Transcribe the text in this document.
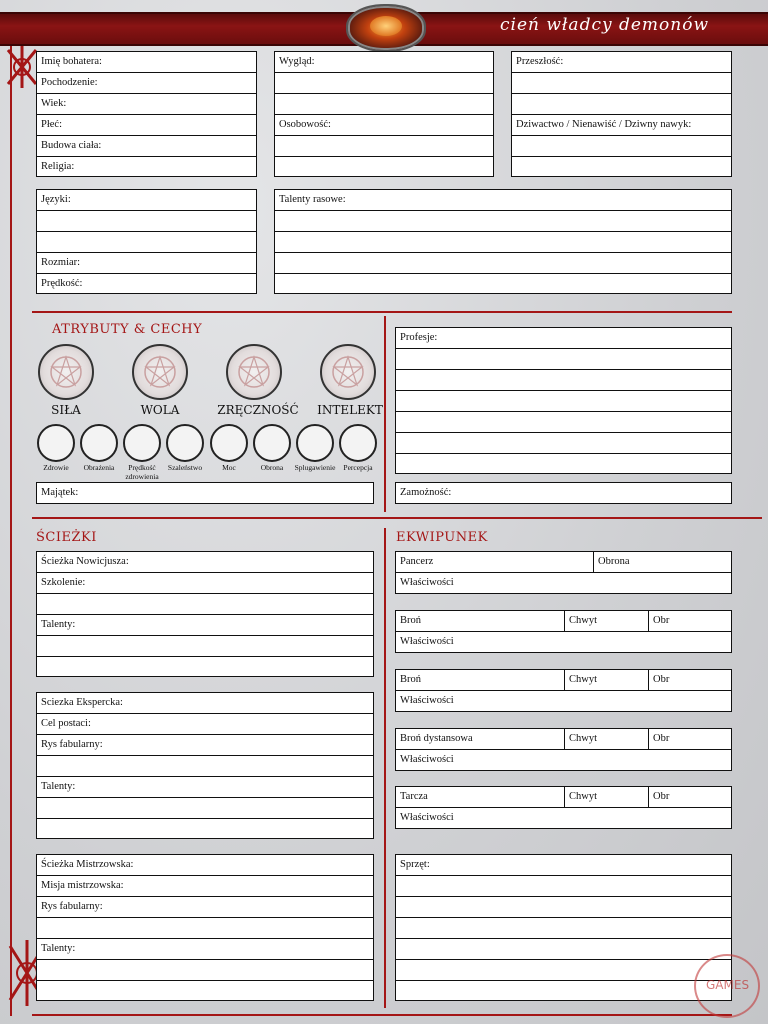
cień władcy demonów
Imię bohatera:
Pochodzenie:
Wiek:
Płeć:
Budowa ciała:
Religia:
Wygląd:
Osobowość:
Przeszłość:
Dziwactwo / Nienawiść / Dziwny nawyk:
Języki:
Rozmiar:
Prędkość:
Talenty rasowe:
ATRYBUTY & CECHY
SIŁA	WOLA	ZRĘCZNOŚĆ	INTELEKT
Zdrowie	Obrażenia	Prędkość zdrowienia
Szaleństwo	Moc	Obrona	Splugawienie	Percepcja
Majątek:
Profesje:
Zamożność:
ŚCIEŻKI
Ścieżka Nowicjusza:
Szkolenie:
Talenty:
Sciezka Ekspercka:
Cel postaci:
Rys fabularny:
Talenty:
Ścieżka Mistrzowska:
Misja mistrzowska:
Rys fabularny:
Talenty:
EKWIPUNEK
Pancerz	Obrona
Właściwości
Broń	Chwyt	Obr
Właściwości
Broń	Chwyt	Obr
Właściwości
Broń dystansowa	Chwyt	Obr
Właściwości
Tarcza	Chwyt	Obr
Właściwości
Sprzęt:
GAMES
